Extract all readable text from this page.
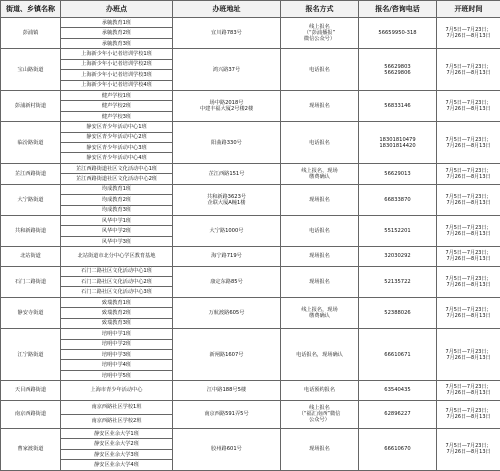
街道、乡镇名称	办班点	办班地址	报名方式	报名/咨询电话	开班时间
彭浦镇	承毓教育1班	宜川路783号	线上报名
（“彭浦播报”
微信公众号）	56659950-318	7月5日—7月23日；
7月26日—8月13日
	承毓教育2班				
	承毓教育3班				
宝山路街道	上海新少年小记者培训学校1班	鸿兴路37号	电话报名	56629803
56629806	7月5日—7月23日；
7月26日—8月13日
	上海新少年小记者培训学校2班				
	上海新少年小记者培训学校3班				
	上海新少年小记者培训学校4班				
彭浦新村街道	健声学校1班	场中路2018号
中建丰福大厦2号楼2楼	现场报名	56833146	7月5日—7月23日；
7月26日—8月13日
	健声学校2班				
	健声学校3班				
临汾路街道	静安区青少年活动中心1班	阳曲路330号	电话报名	18301810479
18301814420	7月5日—7月23日；
7月26日—8月13日
	静安区青少年活动中心2班				
	静安区青少年活动中心3班				
	静安区青少年活动中心4班				
芷江西路街道	芷江西路街道社区文化活动中心1班	芷江西路151号	线上报名、现场
缴费确认	56629013	7月5日—7月23日；
7月26日—8月13日
	芷江西路街道社区文化活动中心2班				
大宁路街道	均成教育1班	共和新路3623号
企联大厦A幢1楼	现场报名	66833870	7月5日—7月23日；
7月26日—8月13日
	均成教育2班				
	均成教育3班				
共和新路街道	风华中学1班	大宁路1000号	电话报名	55152201	7月5日—7月23日；
7月26日—8月13日
	风华中学2班				
	风华中学3班				
北站街道	北站街道市北分中心学区教育基地	海宁路719号	现场报名	32030292	7月5日—7月23日；
7月26日—8月13日
石门二路街道	石门二路社区文化活动中心1班	康定东路85号	现场报名	52135722	7月5日—7月23日；
7月26日—8月13日
	石门二路社区文化活动中心2班				
	石门二路社区文化活动中心3班				
静安寺街道	致瑞教育1班	万航渡路605号	线上报名，现场
缴费确认	52388026	7月5日—7月23日；
7月26日—8月13日
	致瑞教育2班				
	致瑞教育3班				
江宁路街道	培明中学1班	新闸路1607号	电话报名，现场确认	66610671	7月5日—7月23日；
7月26日—8月13日
	培明中学2班				
	培明中学3班				
	培明中学4班				
	培明中学5班				
天目西路街道	上海市青少年活动中心	江中路188号5楼	电话预约报名	63540435	7月5日—7月23日；
7月26日—8月13日
南京西路街道	南京西路社区学校1班	南京西路591弄5号	线上报名
（“福汇南西”微信
公众号）	62896227	7月5日—7月23日；
7月26日—8月13日
	南京西路社区学校2班				
曹家渡街道	静安区业余大学1班	胶州路601号	现场报名	66610670	7月5日—7月23日；
7月26日—8月13日
	静安区业余大学2班				
	静安区业余大学3班				
	静安区业余大学4班				
